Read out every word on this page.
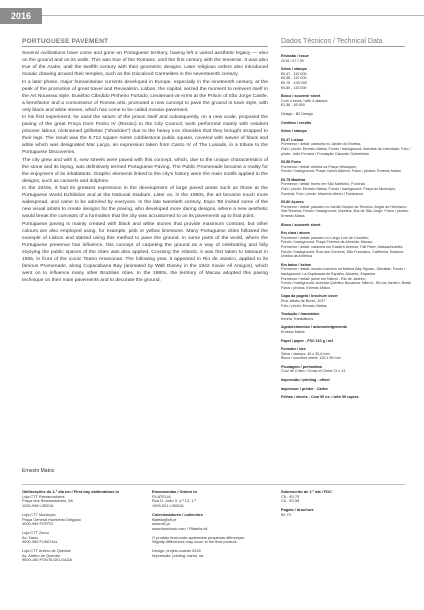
2016
PORTUGUESE PAVEMENT	Dados Técnicos / Technical Data

Several civilizations have come and gone on Portuguese territory, having left a varied aesthetic legacy — also on the ground and on its walls. This was true of the Romans, until the first century with the tesserae. It was also true of the Arabs, until the twelfth century with their geometric designs. Later religious orders also introduced mosaic drawing around their temples, such as the Discalced Carmelites in the seventeenth century.

In a later phase, major humanitarian currents developed in Europe, especially in the nineteenth century, at the peak of the promotion of great travel and Revivalism. Lisbon, the capital, seized the moment to reinvent itself in the Art Nouveau style. Eusébio Cândido Pinheiro Furtado, Lieutenant-at-Arms at the Prison of São Jorge Castle, a benefactor and a connoisseur of Roman arts, promoted a new concept to pave the ground in town style, with only black and white stones, which has come to be called mosaic-pavement.

In his first experiment, he used the atrium of the prison itself and subsequently, on a new scale, proposed the paving of the great Praça Dom Pedro IV (Rossio) to the City Council, work performed mainly with resident prisoner labour, nicknamed grilhetas ("shackles") due to the heavy iron shackles that they brought strapped to their legs. The result was the 8,712 square metre cobblestone public square, covered with waves of black and white which was designated Mar Largo, an expression taken from Canto IV of The Lusiads, in a tribute to the Portuguese Discoveries.

The city grew and with it, new streets were paved with this concept, which, due to the unique characteristics of the stone and its laying, was definitively termed Portuguese Paving. The Public Promenade became a reality for the enjoyment of its inhabitants. Graphic elements linked to the city's history were the main motifs applied in the designs, such as caravels and dolphins.

In the 1940s, it had its greatest expression in the development of large paved areas such as those at the Portuguese World Exhibition and at the National Stadium. Later on, in the 1960s, the art became much more widespread, and came to be admired by everyone. In the late twentieth century, Expo '98 invited some of the new visual artists to create designs for the paving, who developed more daring designs, where a new aesthetic would break the concepts of a formalism that the city was accustomed to on its pavements up to that point.

Portuguese paving is mainly created with black and white stones that provide maximum contrast, but other colours are also employed using, for example, pink or yellow limestone. Many Portuguese cities followed the example of Lisbon and started using this method to pave the ground. In some parts of the world, where the Portuguese presence has influence, this concept of carpeting the ground as a way of celebrating and fully enjoying the public spaces of the cities was also applied. Crossing the Atlantic, it was first taken to Manaus in 1905, in front of the iconic Teatro Amazonas. The following year, it appeared in Rio de Janeiro, applied to its famous Promenade, along Copacabana Bay (animated by Walt Disney in the 1942 movie All Amigos), which went on to influence many other Brazilian cities. In the 1980s, the territory of Macau adopted this paving technique on their main pavements and to decorate the ground.

Ernesto Matos
Emissão / issue
2016 / 07 / 28
Selos / stamps
€0,47 - 115 000
€0,58 - 110 000
€0,75 - 135 000
€0,80 - 115 000
Bloco / souvenir sheet
Com 4 selos / with 4 stamps:
€1,58 - 45 000
Design - B2 Design
Créditos / credits
Selos / stamps
€0,47 Lisboa
Pormenor / detail: caravela no Jardim do Estrela;
Foto / photo: Ernesto Matos; Fundo / background: Avenida da Liberdade; Foto / photo: João Ferrand / Fundação Calouste Gulbenkian
€0,58 Porto
Pormenor / detail: estrela na Praça Velasquez;
Fundo / background: Praça Carlos Alberto; Fotos / photos: Ernesto Matos
€0,75 Madeira
Pormenor / detail: flores em São Martinho, Funchal;
Foto / photo: Ernesto Matos; Fundo / background: Praça do Município, Funchal; Foto / photo: Maurício Abreu / Fotobanco
€0,80 Açores
Pormenor / detail: pássaro no Jardim Duque da Terceira, Angra do Heroísmo, Ilha Terceira; Fundo / background: Urzelina, Ilha de São Jorge; Fotos / photos: Ernesto Matos
Bloco / souvenir sheet
Em cima / above
Pormenor / detail: pássaro no Largo Luís de Camões;
Fundo / background: Praça Ferreira de Almeida, Macau;
Pormenor / detail: caravela em Eastern Avenue, Fall River, Massachusetts; Fundo / background: Rua dos Correios, São Francisco, Califórnia, Estados Unidos da América
Em baixo / below
Pormenor / detail: mundo marinho na Marina Bay Square, Gibraltar; Fundo / background: La Esplanada de España, Alicante, Espanha
Pormenor / detail: peixe em Niterói - Rio de Janeiro;
Fundo / background: Avenida Quintino Bocaiúva, Niterói - Rio de Janeiro, Brasil
Fotos / photos: Ernesto Matos
Capa da pagela / brochure cover
Rua Jalbão de Bonni, 2017
Foto / photo: Ernesto Matos
Tradução / translation
Kennis Translations
Agradecimentos / acknowledgements
Ernesto Matos
Papel / paper - FSC 110 g / m2
Formato / size
Selos / stamps: 40 x 30,6 mm
Bloco / souvenir sheet: 125 x 95 mm
Picotagem / perforation
Cruz de Cristo / Cross of Christ 13 x 13
Impressão / printing - offset
Impressor / printer - Cartor
Folhas / sheets - Com 50 ex. / with 50 copies
Obliterações do 1.º dia em / First day obliterations in
Loja CTT Restauradores
Praça dos Restauradores, 58
1250-998 LISBOA
Loja CTT Município
Praça General Humberto Delgado
4000-999 PORTO
Loja CTT Zarco
Av. Zarco
9000-069 FUNCHAL
Loja CTT Antero de Quental
Av. Antero de Quental
9500-160 PONTA DELGADA
Encomendas / Orders to
FILATELIA
Rua D. João II, n.º 13, 1.º
1999-001 LISBOA
Colecionadores / collectors
filatelia@ctt.pt
www.ctt.pt
www.facebook.com / Filatelia.ctt
O produto final pode apresentar pequenas diferenças.
Slightly differences may occur in the final product.
Design: projeto.cuanto 2016
Impressão: printing: cartor, sa
Sobrescrito de 1.º dia / FDC
C5 - €0,75
C6 - €0,58
Pagela / brochure
€0,70
